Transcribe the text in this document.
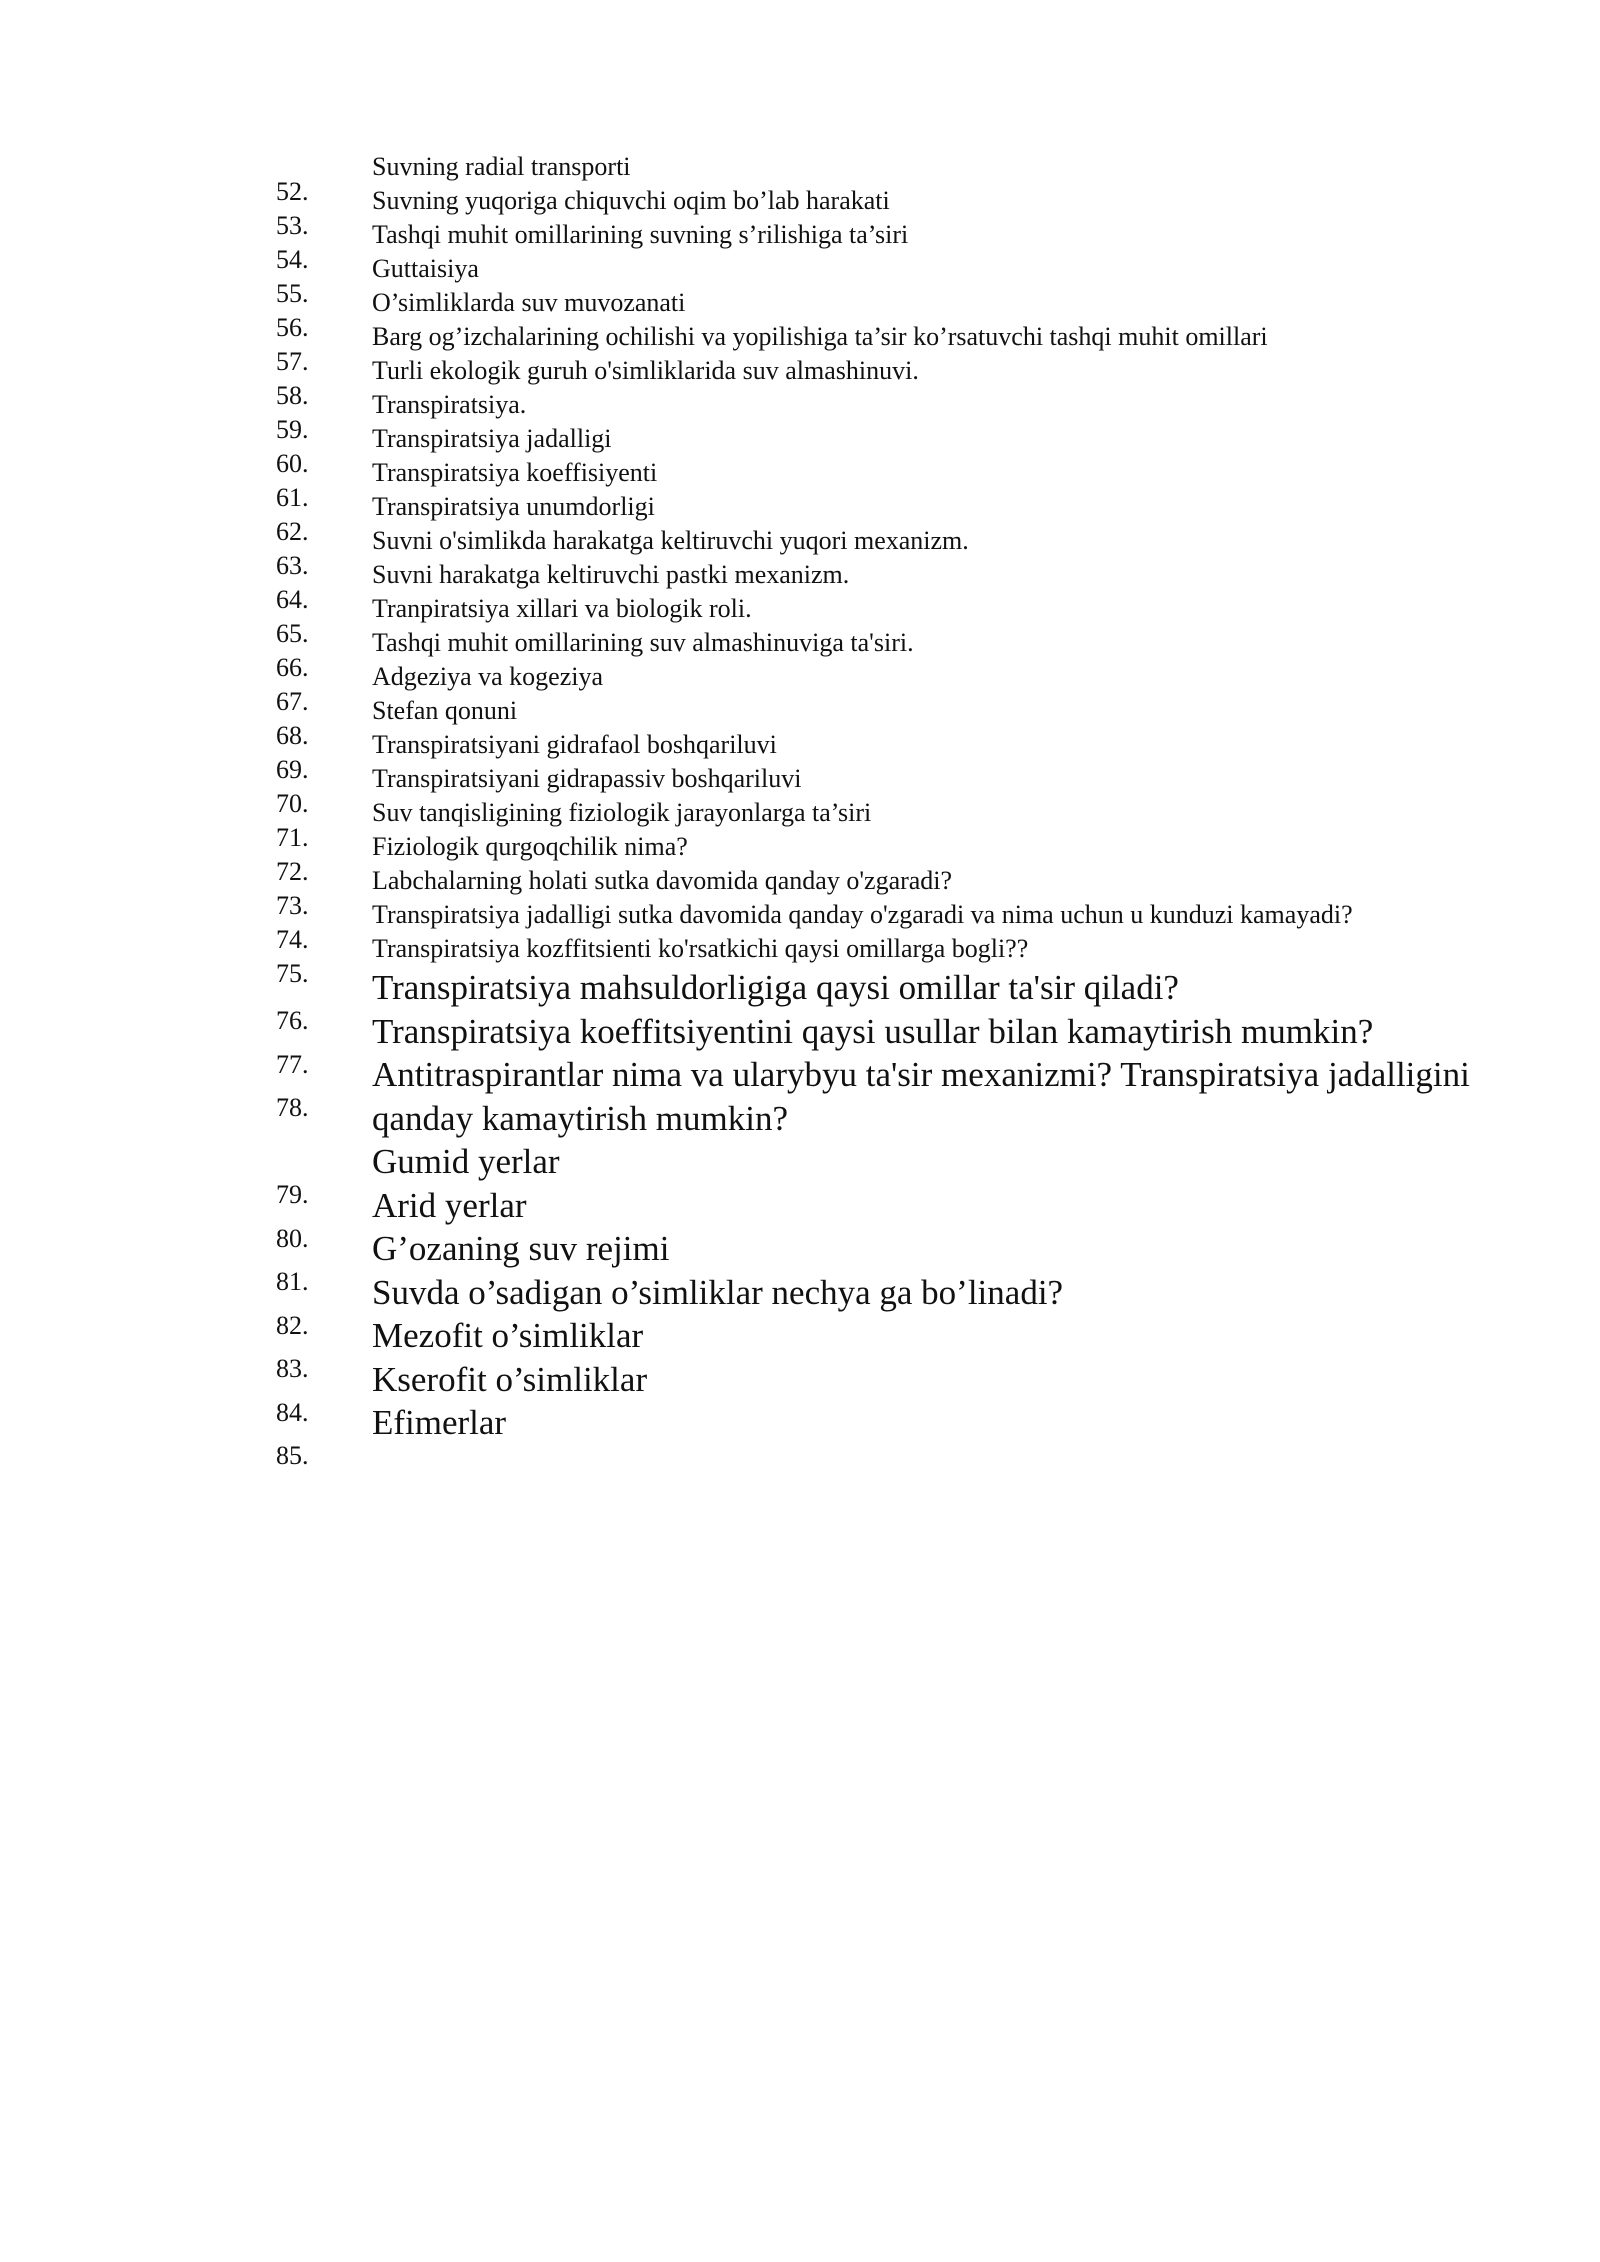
52.
Suvning radial transporti
53.
Suvning yuqoriga chiquvchi oqim bo’lab harakati
54.
Tashqi muhit omillarining suvning s’rilishiga ta’siri
55.
Guttaisiya
56.
O’simliklarda suv muvozanati
57.
Barg og’izchalarining ochilishi va yopilishiga ta’sir ko’rsatuvchi tashqi muhit omillari
58.
Turli ekologik guruh o'simliklarida suv almashinuvi.
59.
Transpiratsiya.
60.
Transpiratsiya jadalligi
61.
Transpiratsiya koeffisiyenti
62.
Transpiratsiya unumdorligi
63.
Suvni o'simlikda harakatga keltiruvchi yuqori mexanizm.
64.
Suvni harakatga keltiruvchi pastki mexanizm.
65.
Tranpiratsiya xillari va biologik roli.
66.
Tashqi muhit omillarining suv almashinuviga ta'siri.
67.
Adgeziya va kogeziya
68.
Stefan qonuni
69.
Transpiratsiyani gidrafaol boshqariluvi
70.
Transpiratsiyani gidrapassiv boshqariluvi
71.
Suv tanqisligining fiziologik jarayonlarga ta’siri
72.
Fiziologik qurgoqchilik nima?
73.
Labchalarning holati sutka davomida qanday o'zgaradi?
74.
Transpiratsiya jadalligi sutka davomida qanday o'zgaradi va nima uchun u kunduzi kamayadi?
75.
Transpiratsiya kozffitsienti ko'rsatkichi qaysi omillarga bogli??
76.
Transpiratsiya mahsuldorligiga qaysi omillar ta'sir qiladi?
77.
Transpiratsiya koeffitsiyentini qaysi usullar bilan kamaytirish mumkin?
78.
Antitraspirantlar nima va ularybyu ta'sir mexanizmi? Transpiratsiya jadalligini qanday kamaytirish mumkin?
79.
Gumid yerlar
80.
Arid yerlar
81.
G’ozaning suv rejimi
82.
Suvda o’sadigan o’simliklar nechya ga bo’linadi?
83.
Mezofit o’simliklar
84.
Kserofit o’simliklar
85.
Efimerlar
